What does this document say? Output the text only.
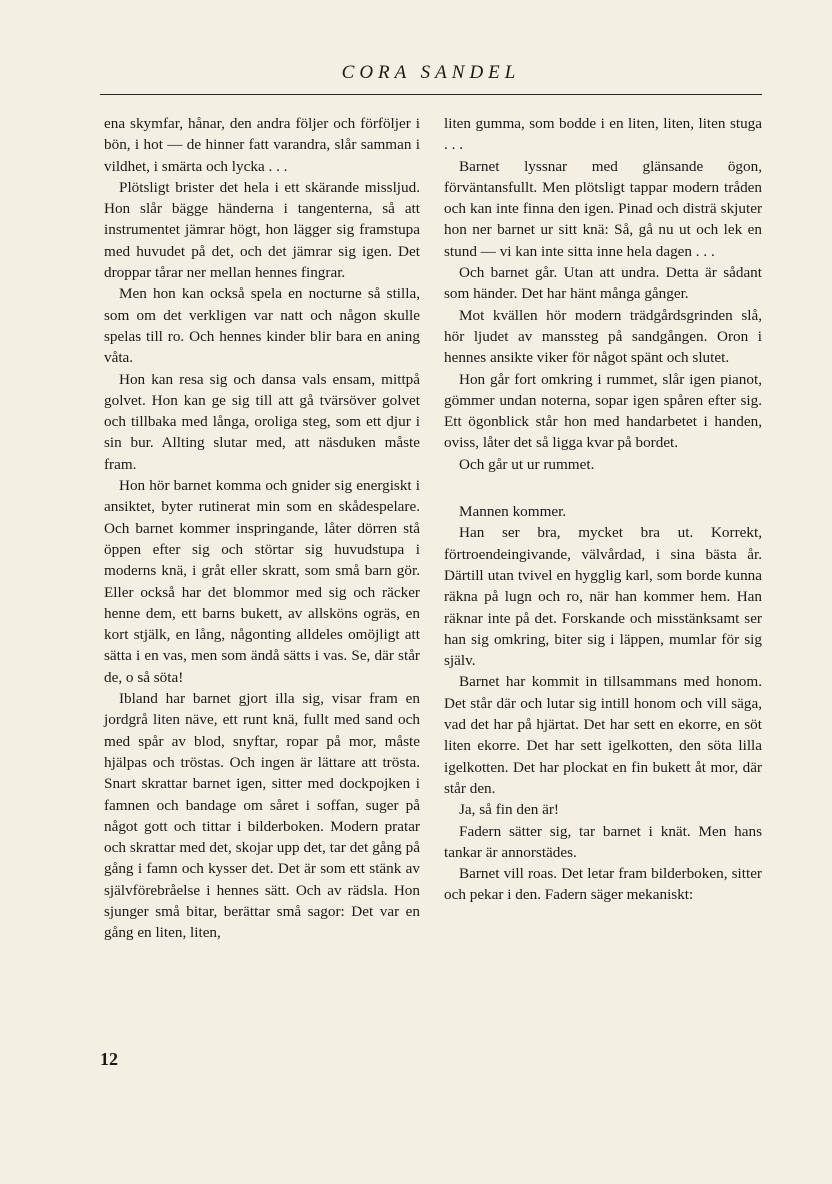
CORA SANDEL

ena skymfar, hånar, den andra följer och förföljer i bön, i hot — de hinner fatt varandra, slår samman i vildhet, i smärta och lycka . . .

Plötsligt brister det hela i ett skärande misslјud. Hon slår bägge händerna i tangenterna, så att instrumentet jämrar högt, hon lägger sig framstupa med huvudet på det, och det jämrar sig igen. Det droppar tårar ner mellan hennes fingrar.

Men hon kan också spela en nocturne så stilla, som om det verkligen var natt och någon skulle spelas till ro. Och hennes kinder blir bara en aning våta.

Hon kan resa sig och dansa vals ensam, mittpå golvet. Hon kan ge sig till att gå tvärsöver golvet och tillbaka med långa, oroliga steg, som ett djur i sin bur. Allting slutar med, att näsduken måste fram.

Hon hör barnet komma och gnider sig energiskt i ansiktet, byter rutinerat min som en skådespelare. Och barnet kommer inspringande, låter dörren stå öppen efter sig och störtar sig huvudstupa i moderns knä, i gråt eller skratt, som små barn gör. Eller också har det blommor med sig och räcker henne dem, ett barns bukett, av allsköns ogräs, en kort stjälk, en lång, någonting alldeles omöjligt att sätta i en vas, men som ändå sätts i vas. Se, där står de, o så söta!

Ibland har barnet gjort illa sig, visar fram en jordgrå liten näve, ett runt knä, fullt med sand och med spår av blod, snyftar, ropar på mor, måste hjälpas och tröstas. Och ingen är lättare att trösta. Snart skrattar barnet igen, sitter med dockpojken i famnen och bandage om såret i soffan, suger på något gott och tittar i bilderboken. Modern pratar och skrattar med det, skojar upp det, tar det gång på gång i famn och kysser det. Det är som ett stänk av självförebråelse i hennes sätt. Och av rädsla. Hon sjunger små bitar, berättar små sagor: Det var en gång en liten, liten,

liten gumma, som bodde i en liten, liten, liten stuga . . .

Barnet lyssnar med glänsande ögon, förväntansfullt. Men plötsligt tappar modern tråden och kan inte finna den igen. Pinad och disträ skjuter hon ner barnet ur sitt knä: Så, gå nu ut och lek en stund — vi kan inte sitta inne hela dagen . . .

Och barnet går. Utan att undra. Detta är sådant som händer. Det har hänt många gånger.

Mot kvällen hör modern trädgårdsgrinden slå, hör ljudet av manssteg på sandgången. Oron i hennes ansikte viker för något spänt och slutet.

Hon går fort omkring i rummet, slår igen pianot, gömmer undan noterna, sopar igen spåren efter sig. Ett ögonblick står hon med handarbetet i handen, oviss, låter det så ligga kvar på bordet.

Och går ut ur rummet.

Mannen kommer.

Han ser bra, mycket bra ut. Korrekt, förtroendeingivande, välvårdad, i sina bästa år. Därtill utan tvivel en hygglig karl, som borde kunna räkna på lugn och ro, när han kommer hem. Han räknar inte på det. Forskande och misstänksamt ser han sig omkring, biter sig i läppen, mumlar för sig själv.

Barnet har kommit in tillsammans med honom. Det står där och lutar sig intill honom och vill säga, vad det har på hjärtat. Det har sett en ekorre, en söt liten ekorre. Det har sett igelkotten, den söta lilla igelkotten. Det har plockat en fin bukett åt mor, där står den.

Ja, så fin den är!

Fadern sätter sig, tar barnet i knät. Men hans tankar är annorstädes.

Barnet vill roas. Det letar fram bilderboken, sitter och pekar i den. Fadern säger mekaniskt:

12
